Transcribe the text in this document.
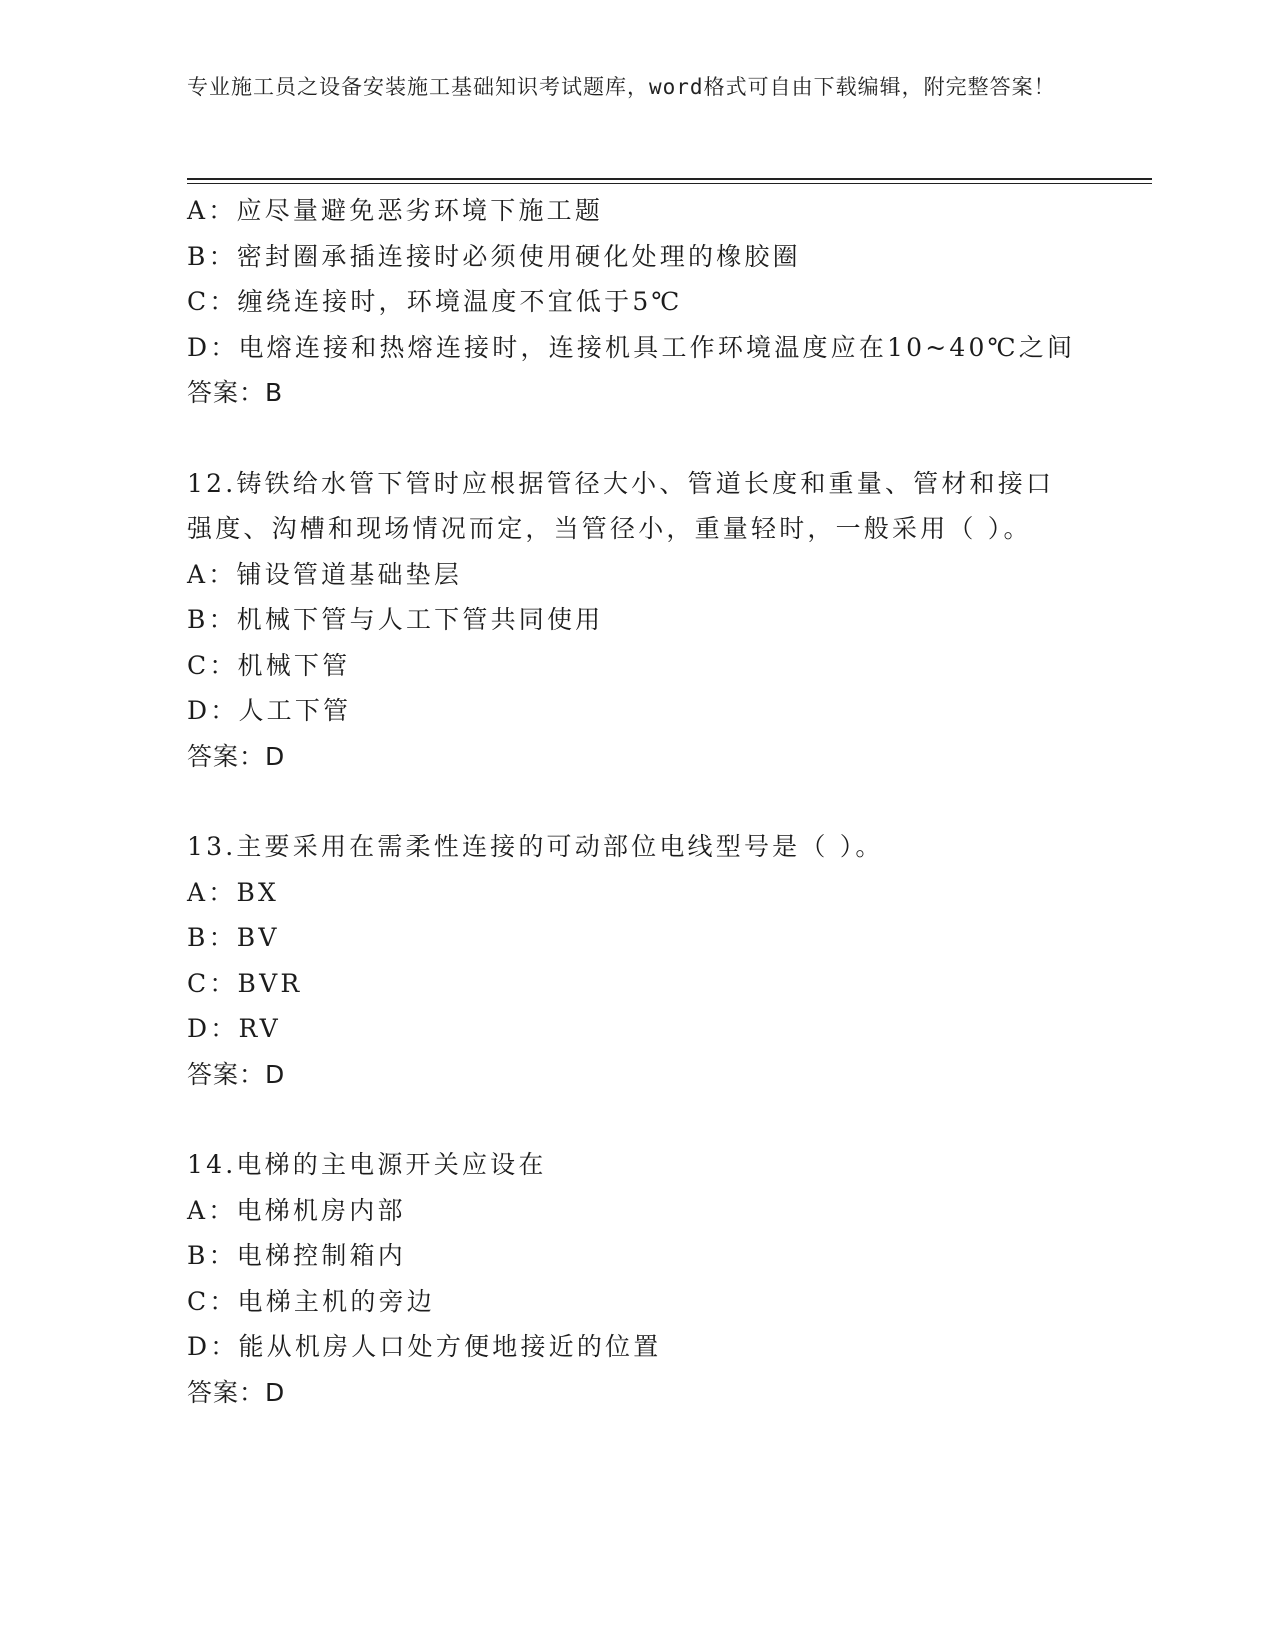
专业施工员之设备安装施工基础知识考试题库，word格式可自由下载编辑，附完整答案！
A：应尽量避免恶劣环境下施工题
B：密封圈承插连接时必须使用硬化处理的橡胶圈
C：缠绕连接时，环境温度不宜低于5℃
D：电熔连接和热熔连接时，连接机具工作环境温度应在10~40℃之间
答案：B
12.铸铁给水管下管时应根据管径大小、管道长度和重量、管材和接口
强度、沟槽和现场情况而定，当管径小，重量轻时，一般采用（ ）。
A：铺设管道基础垫层
B：机械下管与人工下管共同使用
C：机械下管
D：人工下管
答案：D
13.主要采用在需柔性连接的可动部位电线型号是（ ）。
A：BX
B：BV
C：BVR
D：RV
答案：D
14.电梯的主电源开关应设在
A：电梯机房内部
B：电梯控制箱内
C：电梯主机的旁边
D：能从机房人口处方便地接近的位置
答案：D
